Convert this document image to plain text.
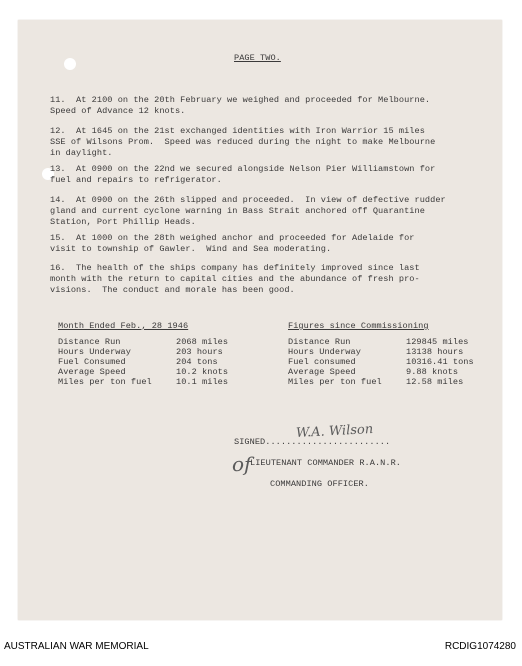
PAGE TWO.
11.  At 2100 on the 20th February we weighed and proceeded for Melbourne.
Speed of Advance 12 knots.
12.  At 1645 on the 21st exchanged identities with Iron Warrior 15 miles
SSE of Wilsons Prom.  Speed was reduced during the night to make Melbourne
in daylight.
13.  At 0900 on the 22nd we secured alongside Nelson Pier Williamstown for
fuel and repairs to refrigerator.
14.  At 0900 on the 26th slipped and proceeded.  In view of defective rudder
gland and current cyclone warning in Bass Strait anchored off Quarantine
Station, Port Phillip Heads.
15.  At 1000 on the 28th weighed anchor and proceeded for Adelaide for
visit to township of Gawler.  Wind and Sea moderating.
16.  The health of the ships company has definitely improved since last
month with the return to capital cities and the abundance of fresh pro-
visions.  The conduct and morale has been good.
Month Ended Feb., 28 1946
Distance Run	2068 miles
Hours Underway	203 hours
Fuel Consumed	204 tons
Average Speed	10.2 knots
Miles per ton fuel	10.1 miles
Figures since Commissioning
Distance Run	129845 miles
Hours Underway	13138 hours
Fuel consumed	10316.41 tons
Average Speed	9.88 knots
Miles per ton fuel	12.58 miles
W.A. Wilson
SIGNED........................
of
LIEUTENANT COMMANDER R.A.N.R.
COMMANDING OFFICER.
AUSTRALIAN WAR MEMORIAL	RCDIG1074280
